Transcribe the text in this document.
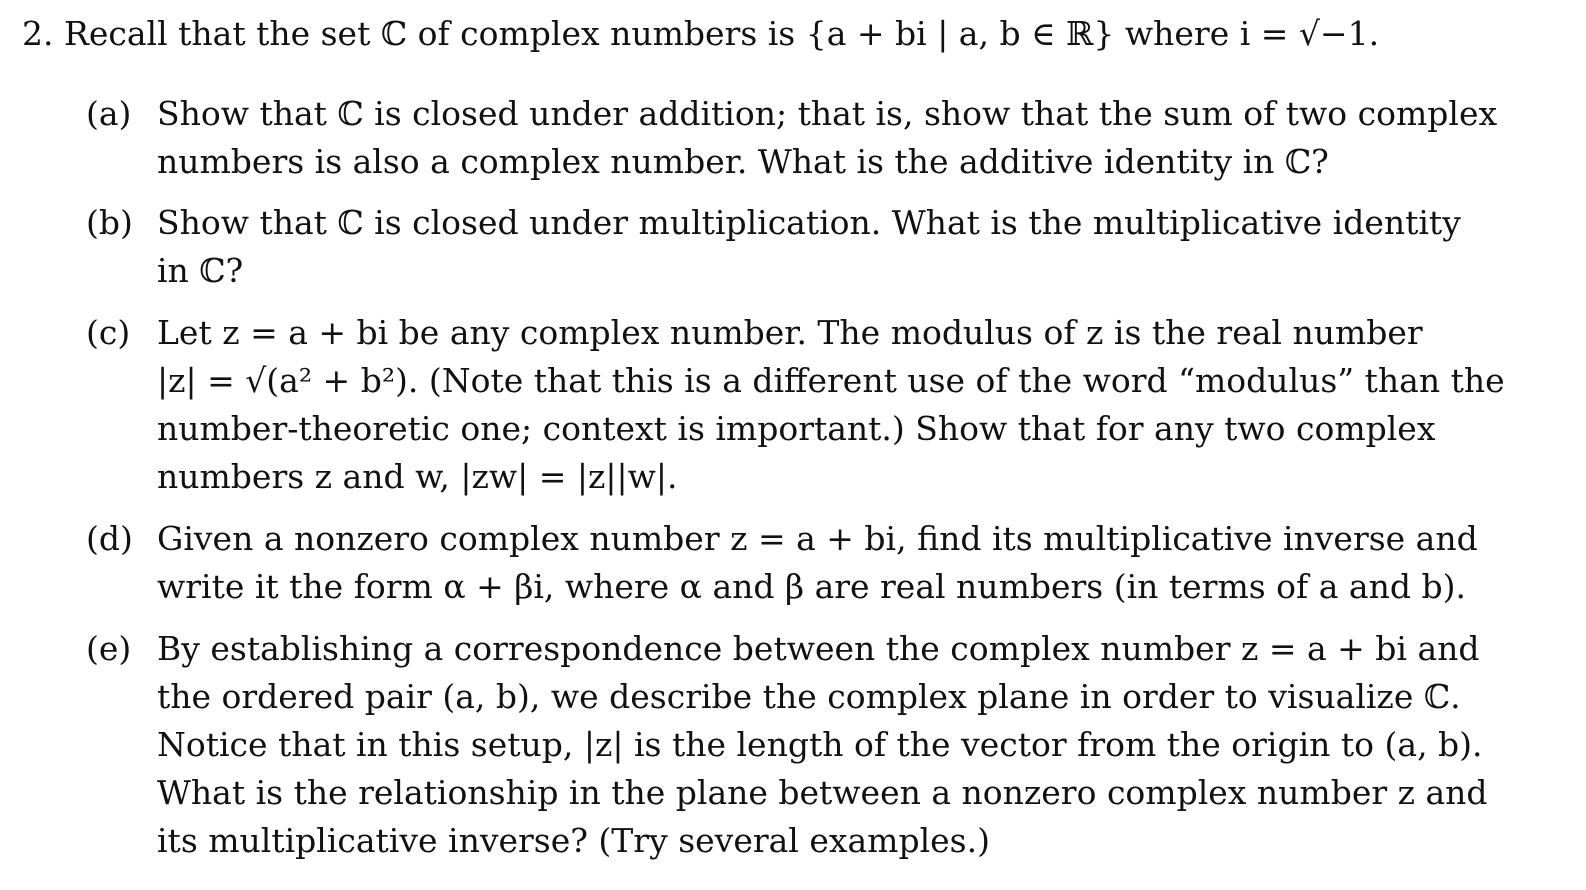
2. Recall that the set ℂ of complex numbers is {a + bi | a, b ∈ ℝ} where i = √−1.
(a) Show that ℂ is closed under addition; that is, show that the sum of two complex
numbers is also a complex number. What is the additive identity in ℂ?
(b) Show that ℂ is closed under multiplication. What is the multiplicative identity
in ℂ?
(c) Let z = a + bi be any complex number. The modulus of z is the real number
|z| = √(a² + b²). (Note that this is a different use of the word “modulus” than the
number-theoretic one; context is important.) Show that for any two complex
numbers z and w, |zw| = |z||w|.
(d) Given a nonzero complex number z = a + bi, find its multiplicative inverse and
write it the form α + βi, where α and β are real numbers (in terms of a and b).
(e) By establishing a correspondence between the complex number z = a + bi and
the ordered pair (a, b), we describe the complex plane in order to visualize ℂ.
Notice that in this setup, |z| is the length of the vector from the origin to (a, b).
What is the relationship in the plane between a nonzero complex number z and
its multiplicative inverse? (Try several examples.)
